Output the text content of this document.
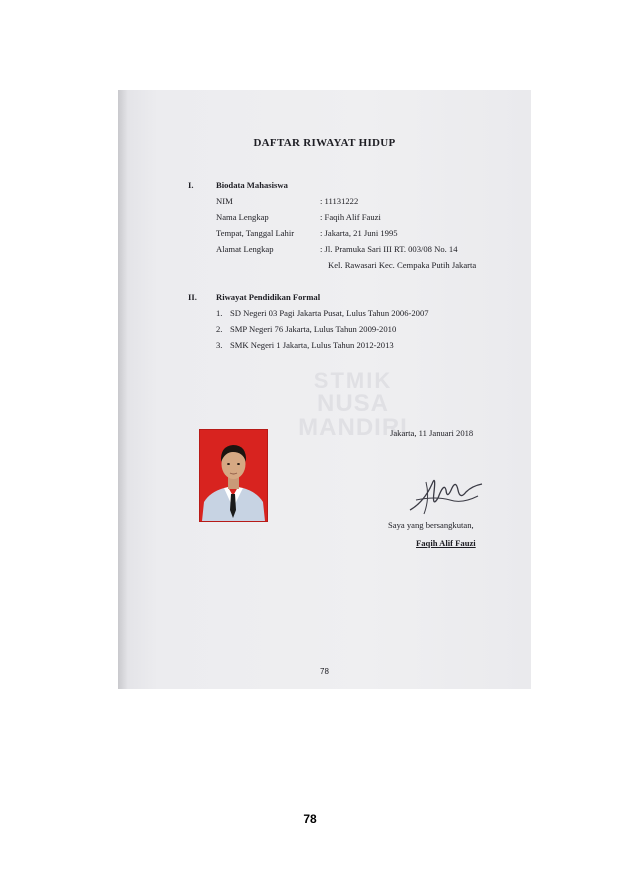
STMIK
NUSA MANDIRI
DAFTAR RIWAYAT HIDUP
I.	Biodata Mahasiswa
NIM	: 11131222
Nama Lengkap	: Faqih Alif Fauzi
Tempat, Tanggal Lahir	: Jakarta, 21 Juni 1995
Alamat Lengkap	: Jl. Pramuka Sari III RT. 003/08 No. 14
Kel. Rawasari Kec. Cempaka Putih Jakarta
II. Riwayat Pendidikan Formal
1. SD Negeri 03 Pagi Jakarta Pusat, Lulus Tahun 2006-2007
2. SMP Negeri 76 Jakarta, Lulus Tahun 2009-2010
3. SMK Negeri 1 Jakarta, Lulus Tahun 2012-2013
Jakarta, 11 Januari 2018
Saya yang bersangkutan,
Faqih Alif Fauzi
78
78
